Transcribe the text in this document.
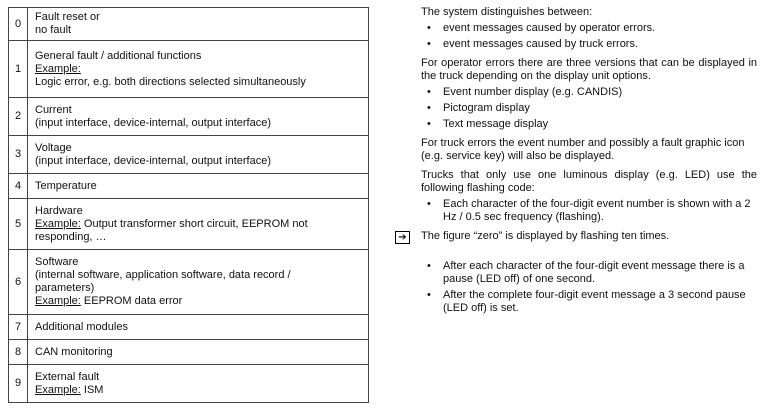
0	Fault reset or
no fault
1	General fault / additional functions
Example:
Logic error, e.g. both directions selected simultaneously
2	Current
(input interface, device-internal, output interface)
3	Voltage
(input interface, device-internal, output interface)
4	Temperature
5	Hardware
Example: Output transformer short circuit, EEPROM not
responding, …
6	Software
(internal software, application software, data record /
parameters)
Example: EEPROM data error
7	Additional modules
8	CAN monitoring
9	External fault
Example: ISM

The system distinguishes between:

• event messages caused by operator errors.
• event messages caused by truck errors.

For operator errors there are three versions that can be displayed in the truck depending on the display unit options.

• Event number display (e.g. CANDIS)
• Pictogram display
• Text message display

For truck errors the event number and possibly a fault graphic icon (e.g. service key) will also be displayed.

Trucks that only use one luminous display (e.g. LED) use the following flashing code:

• Each character of the four-digit event number is shown with a 2 Hz / 0.5 sec frequency (flashing).
➔	The figure “zero” is displayed by flashing ten times.

• After each character of the four-digit event message there is a pause (LED off) of one second.
• After the complete four-digit event message a 3 second pause (LED off) is set.
